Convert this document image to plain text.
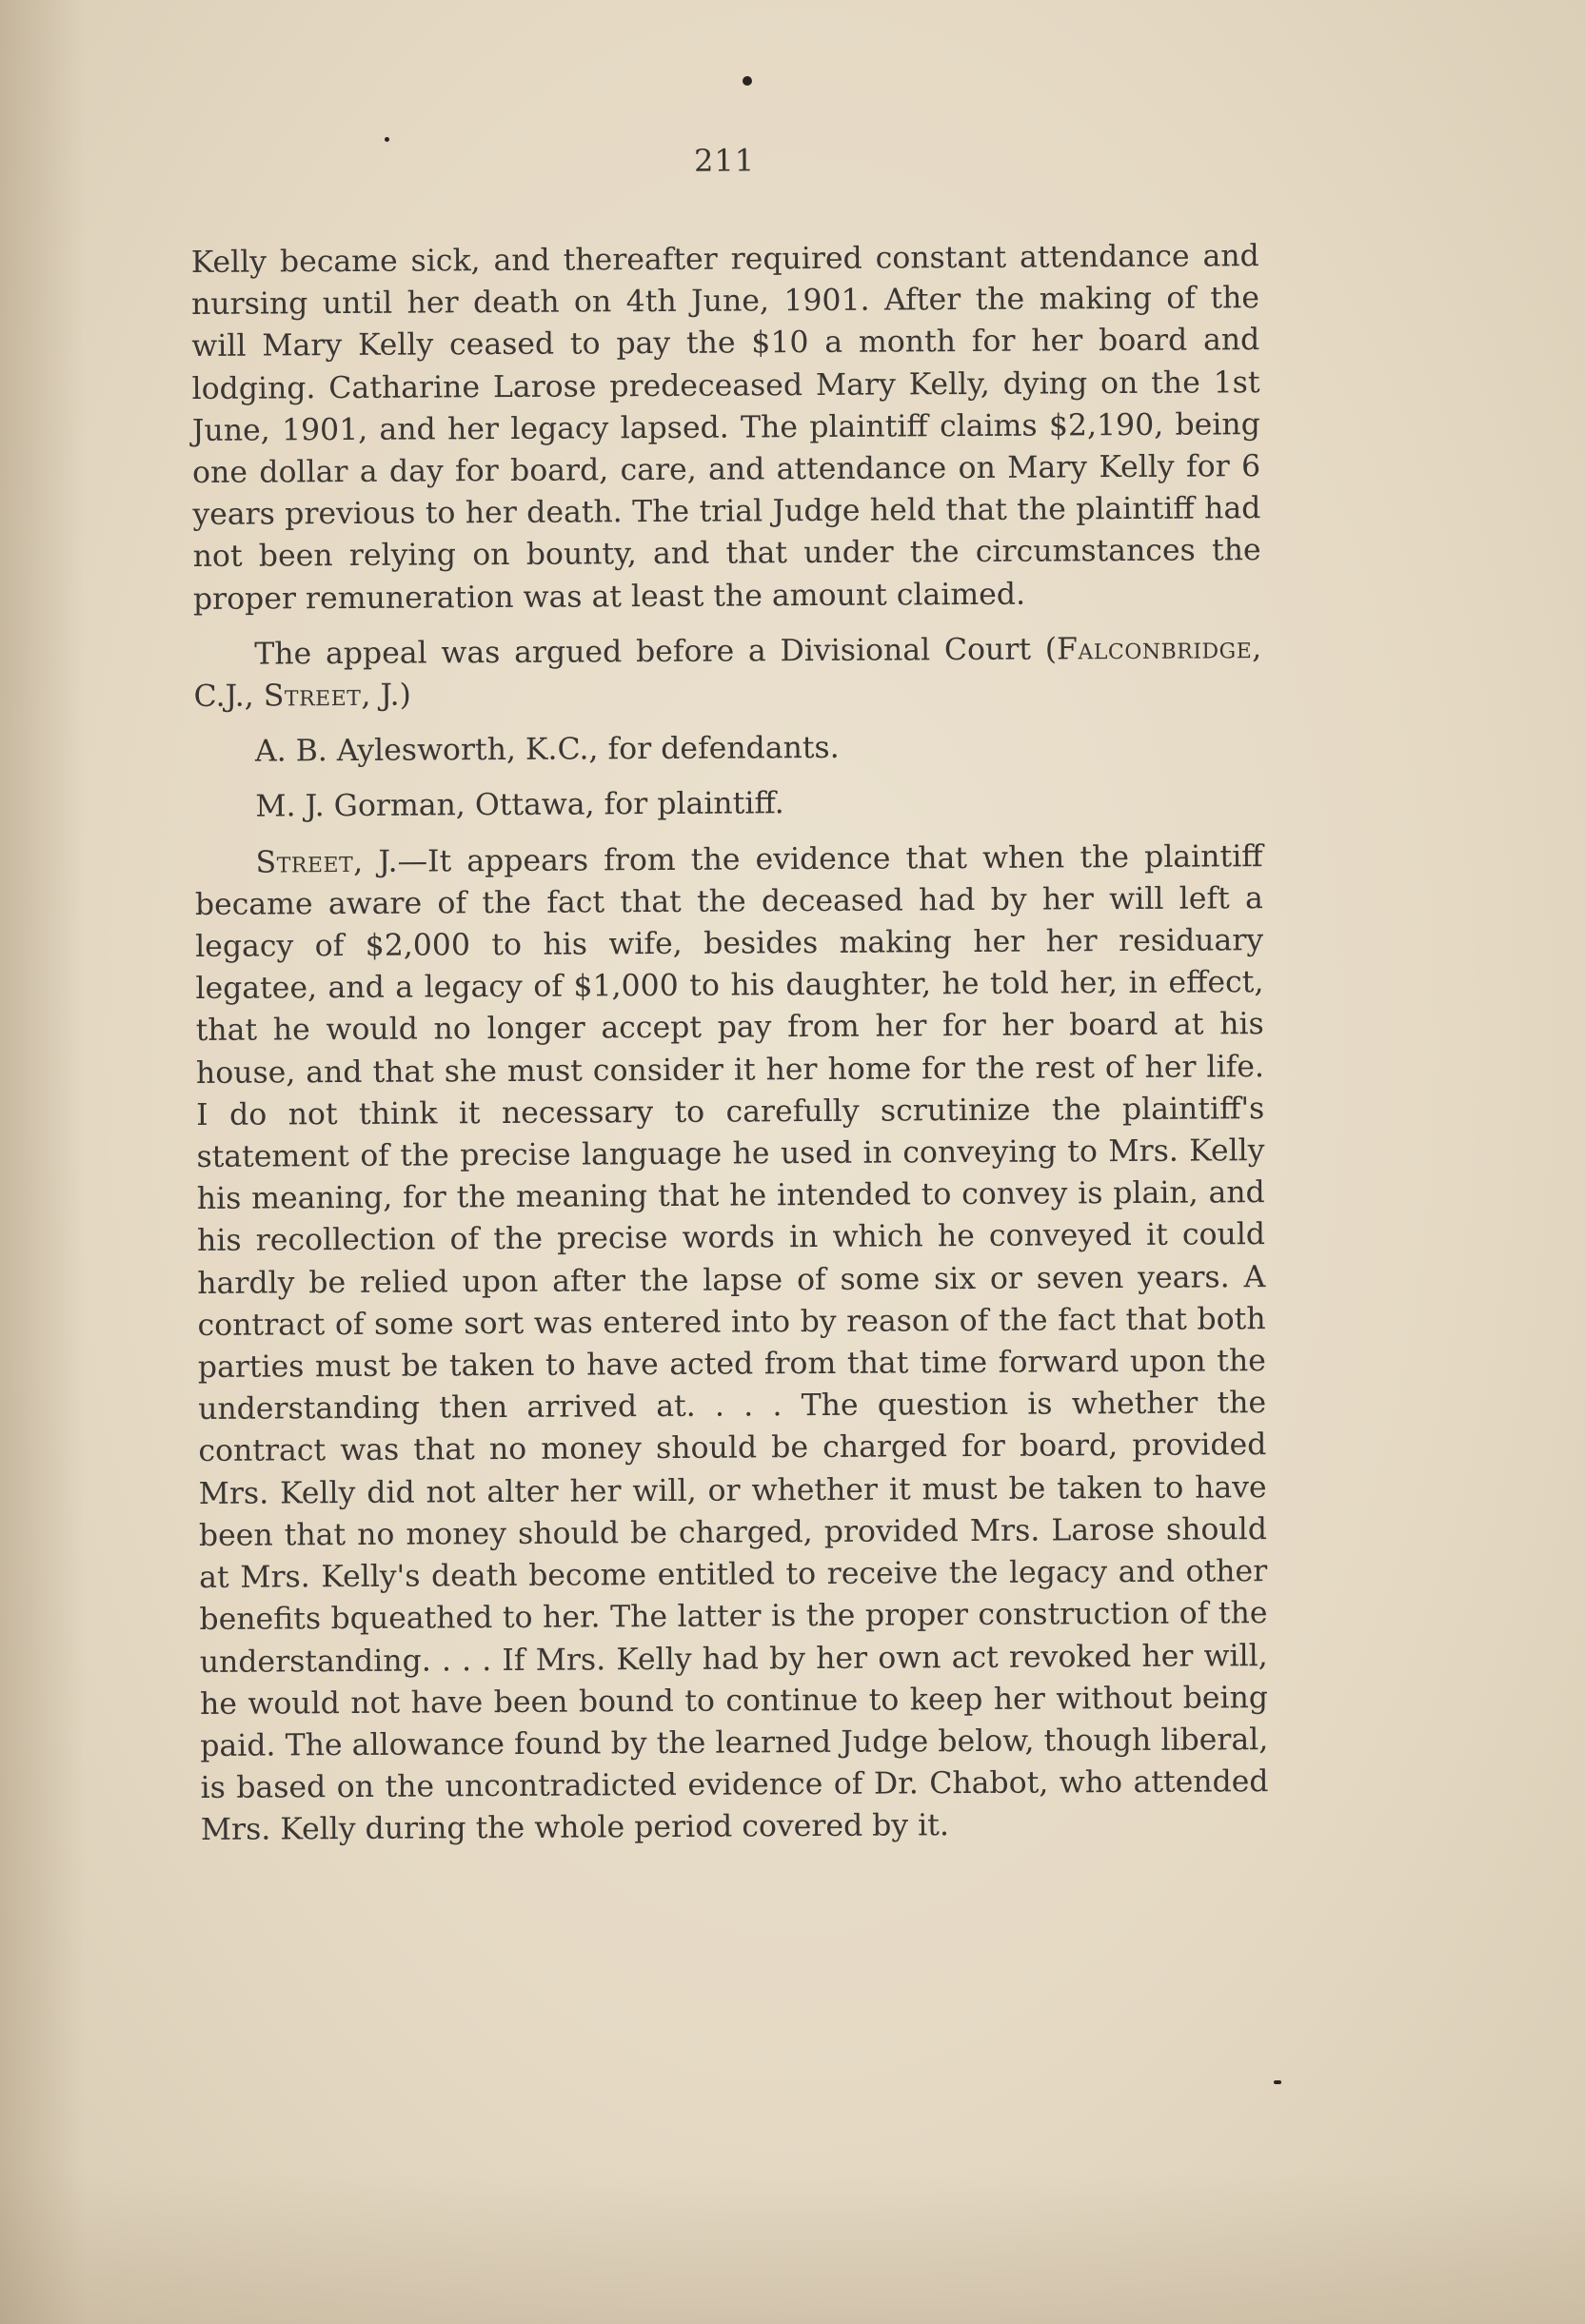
211

Kelly became sick, and thereafter required constant attendance and nursing until her death on 4th June, 1901. After the making of the will Mary Kelly ceased to pay the $10 a month for her board and lodging. Catharine Larose predeceased Mary Kelly, dying on the 1st June, 1901, and her legacy lapsed. The plaintiff claims $2,190, being one dollar a day for board, care, and attendance on Mary Kelly for 6 years previous to her death. The trial Judge held that the plaintiff had not been relying on bounty, and that under the circumstances the proper remuneration was at least the amount claimed.

The appeal was argued before a Divisional Court (Falconbridge, C.J., Street, J.)

A. B. Aylesworth, K.C., for defendants.

M. J. Gorman, Ottawa, for plaintiff.

Street, J.—It appears from the evidence that when the plaintiff became aware of the fact that the deceased had by her will left a legacy of $2,000 to his wife, besides making her her residuary legatee, and a legacy of $1,000 to his daughter, he told her, in effect, that he would no longer accept pay from her for her board at his house, and that she must consider it her home for the rest of her life. I do not think it necessary to carefully scrutinize the plaintiff's statement of the precise language he used in conveying to Mrs. Kelly his meaning, for the meaning that he intended to convey is plain, and his recollection of the precise words in which he conveyed it could hardly be relied upon after the lapse of some six or seven years. A contract of some sort was entered into by reason of the fact that both parties must be taken to have acted from that time forward upon the understanding then arrived at. . . . The question is whether the contract was that no money should be charged for board, provided Mrs. Kelly did not alter her will, or whether it must be taken to have been that no money should be charged, provided Mrs. Larose should at Mrs. Kelly's death become entitled to receive the legacy and other benefits bqueathed to her. The latter is the proper construction of the understanding. . . . If Mrs. Kelly had by her own act revoked her will, he would not have been bound to continue to keep her without being paid. The allowance found by the learned Judge below, though liberal, is based on the uncontradicted evidence of Dr. Chabot, who attended Mrs. Kelly during the whole period covered by it.
